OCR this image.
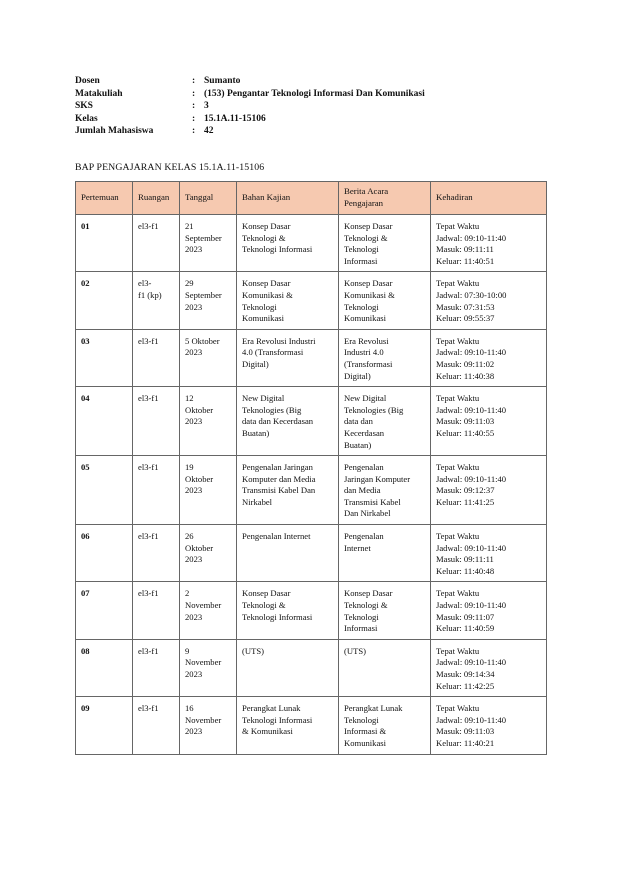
Dosen	: Sumanto
Matakuliah	: (153) Pengantar Teknologi Informasi Dan Komunikasi
SKS	: 3
Kelas	: 15.1A.11-15106
Jumlah Mahasiswa	: 42
BAP PENGAJARAN KELAS 15.1A.11-15106
Pertemuan	Ruangan	Tanggal	Bahan Kajian	Berita Acara Pengajaran	Kehadiran
01	el3-f1	21
September
2023	Konsep Dasar
Teknologi &
Teknologi Informasi	Konsep Dasar
Teknologi &
Teknologi
Informasi	Tepat Waktu
Jadwal: 09:10-11:40
Masuk: 09:11:11
Keluar: 11:40:51
02	el3-
f1 (kp)	29
September
2023	Konsep Dasar
Komunikasi &
Teknologi
Komunikasi	Konsep Dasar
Komunikasi &
Teknologi
Komunikasi	Tepat Waktu
Jadwal: 07:30-10:00
Masuk: 07:31:53
Keluar: 09:55:37
03	el3-f1	5 Oktober
2023	Era Revolusi Industri
4.0 (Transformasi
Digital)	Era Revolusi
Industri 4.0
(Transformasi
Digital)	Tepat Waktu
Jadwal: 09:10-11:40
Masuk: 09:11:02
Keluar: 11:40:38
04	el3-f1	12
Oktober
2023	New Digital
Teknologies (Big
data dan Kecerdasan
Buatan)	New Digital
Teknologies (Big
data dan
Kecerdasan
Buatan)	Tepat Waktu
Jadwal: 09:10-11:40
Masuk: 09:11:03
Keluar: 11:40:55
05	el3-f1	19
Oktober
2023	Pengenalan Jaringan
Komputer dan Media
Transmisi Kabel Dan
Nirkabel	Pengenalan
Jaringan Komputer
dan Media
Transmisi Kabel
Dan Nirkabel	Tepat Waktu
Jadwal: 09:10-11:40
Masuk: 09:12:37
Keluar: 11:41:25
06	el3-f1	26
Oktober
2023	Pengenalan Internet	Pengenalan
Internet	Tepat Waktu
Jadwal: 09:10-11:40
Masuk: 09:11:11
Keluar: 11:40:48
07	el3-f1	2
November
2023	Konsep Dasar
Teknologi &
Teknologi Informasi	Konsep Dasar
Teknologi &
Teknologi
Informasi	Tepat Waktu
Jadwal: 09:10-11:40
Masuk: 09:11:07
Keluar: 11:40:59
08	el3-f1	9
November
2023	(UTS)	(UTS)	Tepat Waktu
Jadwal: 09:10-11:40
Masuk: 09:14:34
Keluar: 11:42:25
09	el3-f1	16
November
2023	Perangkat Lunak
Teknologi Informasi
& Komunikasi	Perangkat Lunak
Teknologi
Informasi &
Komunikasi	Tepat Waktu
Jadwal: 09:10-11:40
Masuk: 09:11:03
Keluar: 11:40:21
